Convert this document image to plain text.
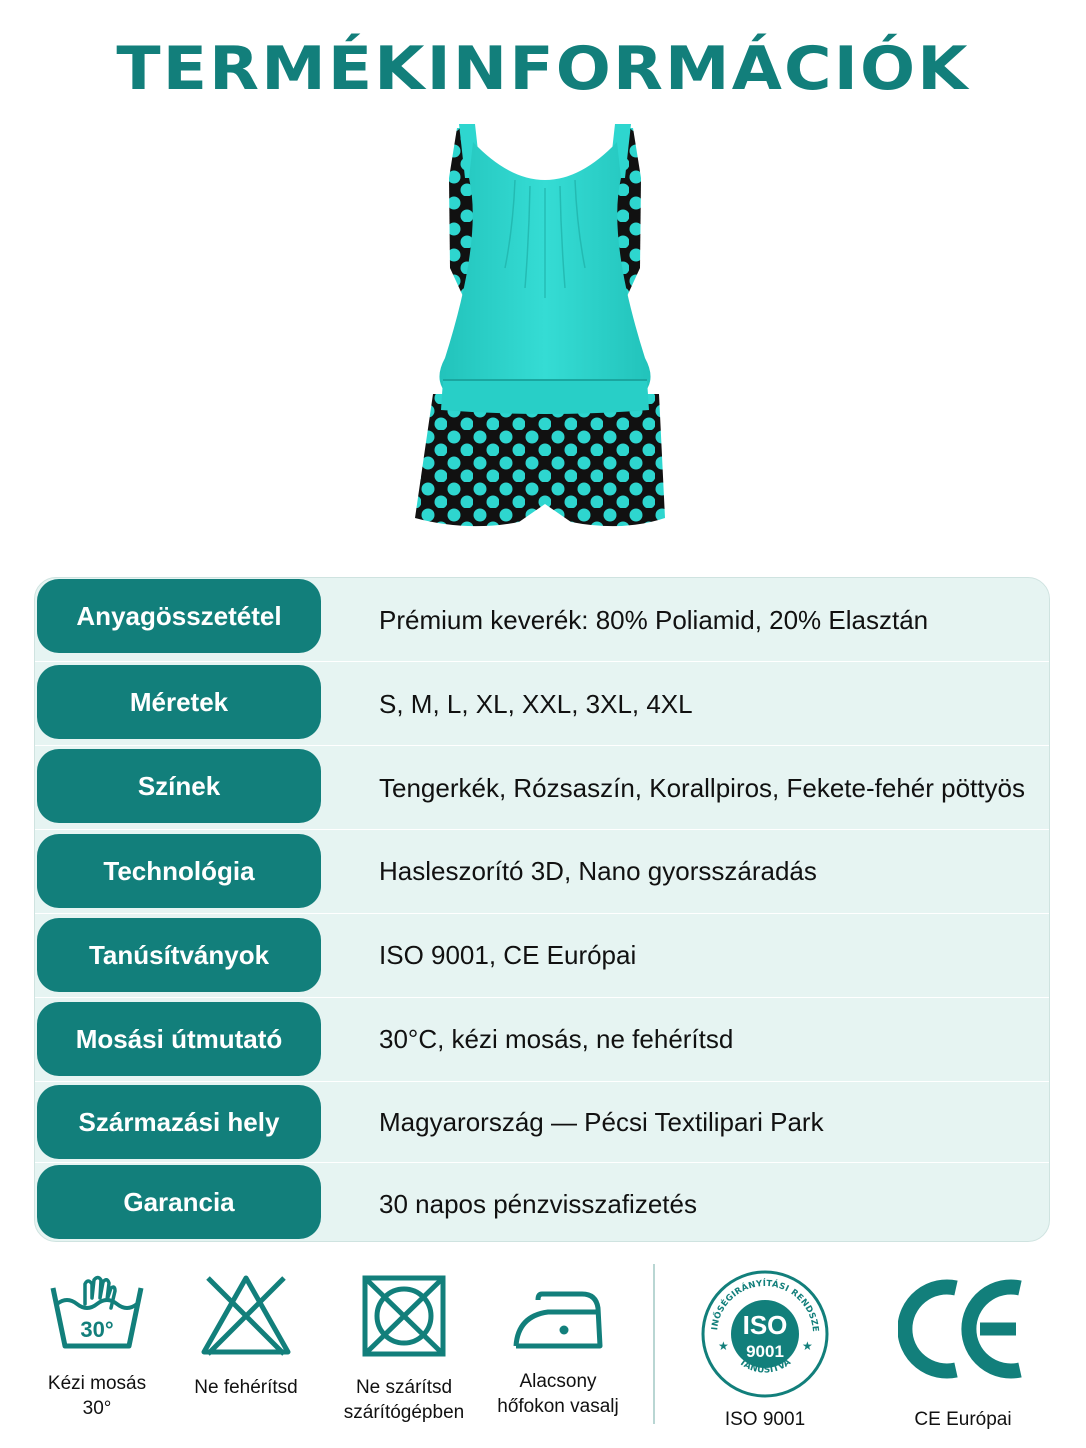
TERMÉKINFORMÁCIÓK
Anyagösszetétel	Prémium keverék: 80% Poliamid, 20% Elasztán
Méretek	S, M, L, XL, XXL, 3XL, 4XL
Színek	Tengerkék, Rózsaszín, Korallpiros, Fekete-fehér pöttyös
Technológia	Hasleszorító 3D, Nano gyorsszáradás
Tanúsítványok	ISO 9001, CE Európai
Mosási útmutató	30°C, kézi mosás, ne fehérítsd
Származási hely	Magyarország — Pécsi Textilipari Park
Garancia	30 napos pénzvisszafizetés
30°
Kézi mosás
30°
Ne fehérítsd	Ne szárítsd
szárítógépben
Alacsony
hőfokon vasalj
INŐSÉGIRÁNYÍTÁSI RENDSZE
TANÚSÍTVA
★	★
ISO
9001
ISO 9001	CE Európai
